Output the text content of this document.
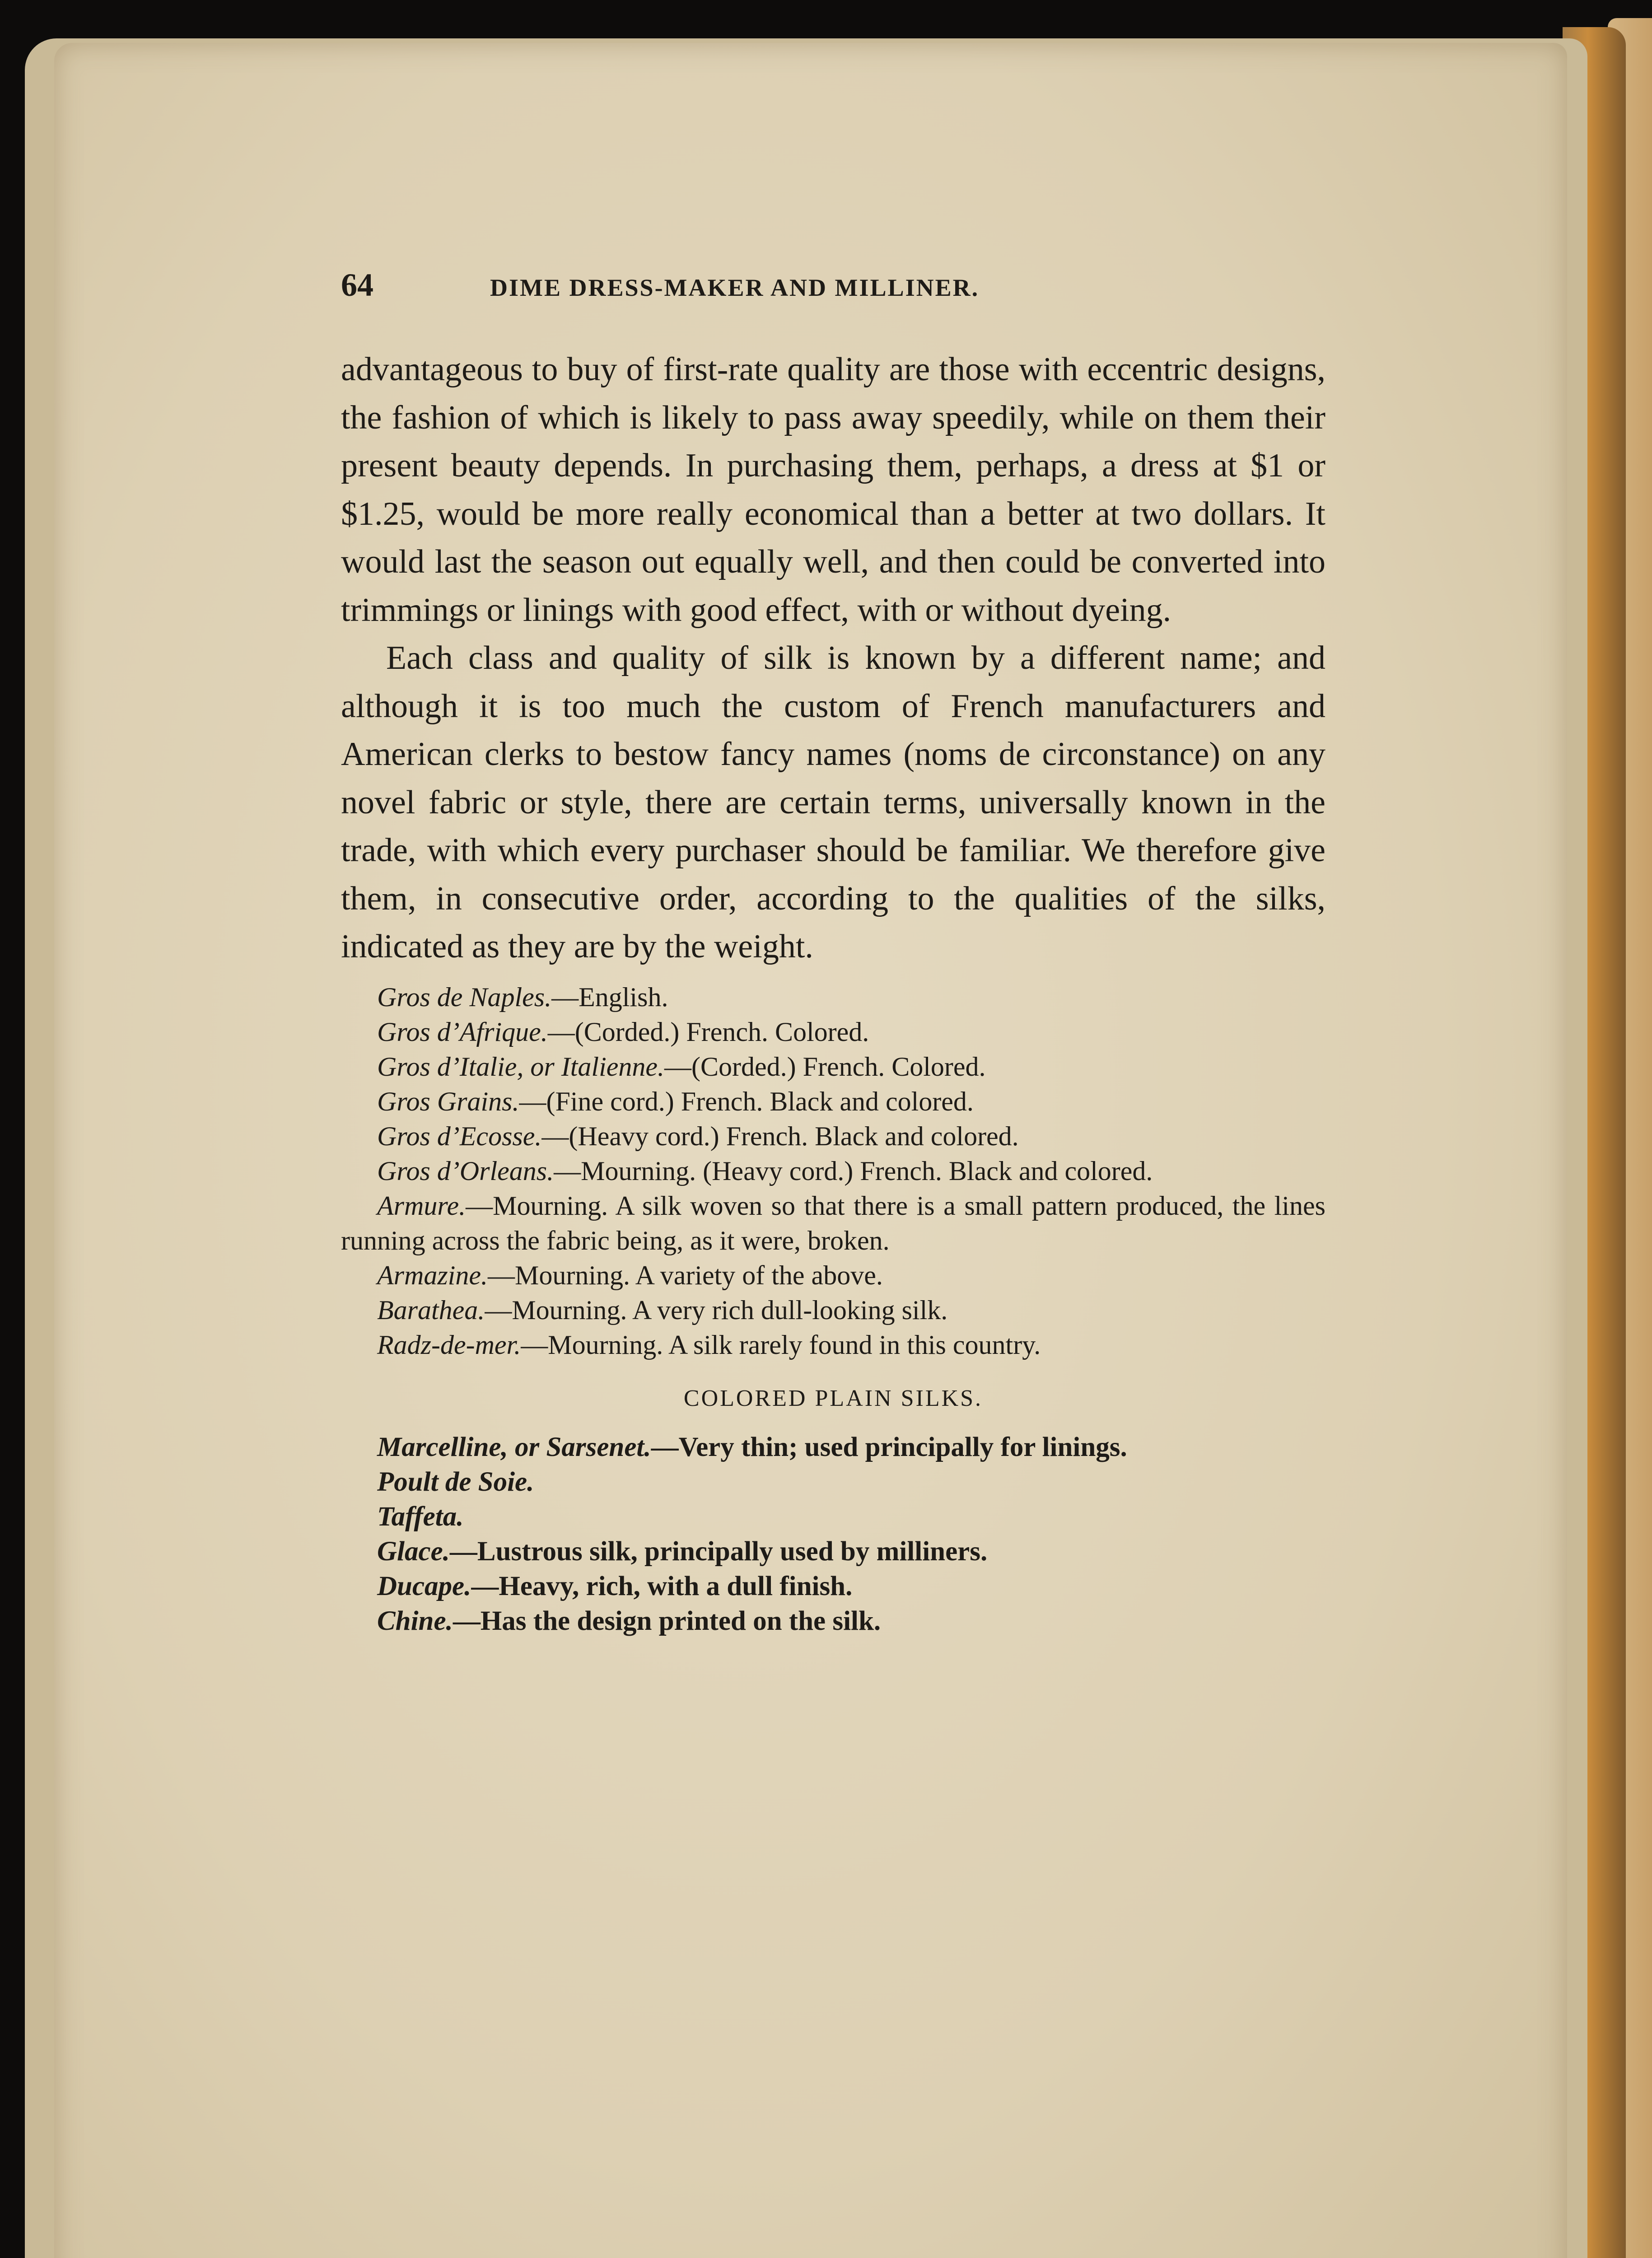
64	DIME DRESS-MAKER AND MILLINER.

advantageous to buy of first-rate quality are those with eccentric designs, the fashion of which is likely to pass away speedily, while on them their present beauty depends. In purchasing them, perhaps, a dress at $1 or $1.25, would be more really economical than a better at two dollars. It would last the season out equally well, and then could be converted into trimmings or linings with good effect, with or without dyeing.

Each class and quality of silk is known by a different name; and although it is too much the custom of French manufacturers and American clerks to bestow fancy names (noms de circonstance) on any novel fabric or style, there are certain terms, universally known in the trade, with which every purchaser should be familiar. We therefore give them, in consecutive order, according to the qualities of the silks, indicated as they are by the weight.

Gros de Naples.—English.

Gros d’Afrique.—(Corded.) French. Colored.

Gros d’Italie, or Italienne.—(Corded.) French. Colored.

Gros Grains.—(Fine cord.) French. Black and colored.

Gros d’Ecosse.—(Heavy cord.) French. Black and colored.

Gros d’Orleans.—Mourning. (Heavy cord.) French. Black and colored.

Armure.—Mourning. A silk woven so that there is a small pattern produced, the lines running across the fabric being, as it were, broken.

Armazine.—Mourning. A variety of the above.

Barathea.—Mourning. A very rich dull-looking silk.

Radz-de-mer.—Mourning. A silk rarely found in this country.

COLORED PLAIN SILKS.

Marcelline, or Sarsenet.—Very thin; used principally for linings.

Poult de Soie.

Taffeta.

Glace.—Lustrous silk, principally used by milliners.

Ducape.—Heavy, rich, with a dull finish.

Chine.—Has the design printed on the silk.
